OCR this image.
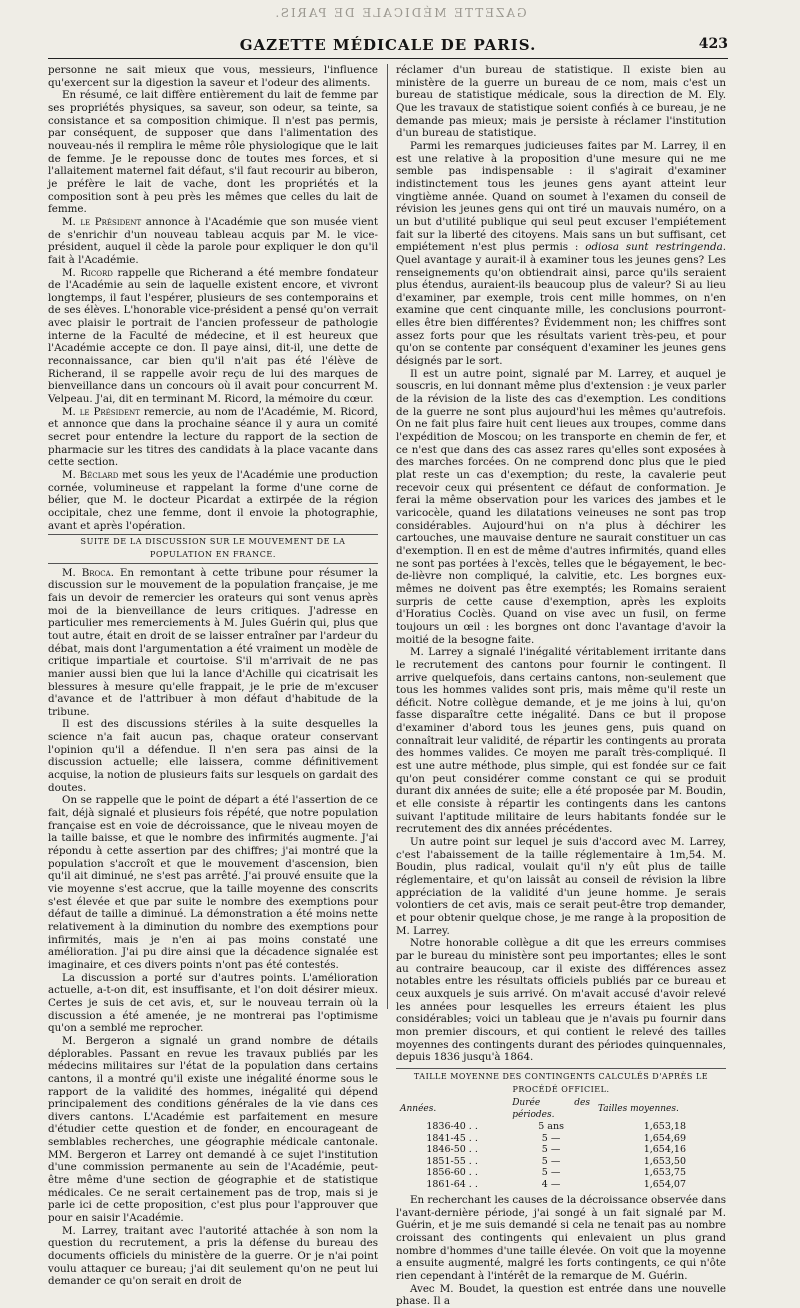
GAZETTE MÉDICALE DE PARIS.
GAZETTE MÉDICALE DE PARIS.	423

personne ne sait mieux que vous, messieurs, l'influence qu'exercent sur la digestion la saveur et l'odeur des aliments.

En résumé, ce lait diffère entièrement du lait de femme par ses propriétés physiques, sa saveur, son odeur, sa teinte, sa consistance et sa composition chimique. Il n'est pas permis, par conséquent, de supposer que dans l'alimentation des nouveau-nés il remplira le même rôle physiologique que le lait de femme. Je le repousse donc de toutes mes forces, et si l'allaitement maternel fait défaut, s'il faut recourir au biberon, je préfère le lait de vache, dont les propriétés et la composition sont à peu près les mêmes que celles du lait de femme.

M. le Président annonce à l'Académie que son musée vient de s'enrichir d'un nouveau tableau acquis par M. le vice-président, auquel il cède la parole pour expliquer le don qu'il fait à l'Académie.

M. Ricord rappelle que Richerand a été membre fondateur de l'Académie au sein de laquelle existent encore, et vivront longtemps, il faut l'espérer, plusieurs de ses contemporains et de ses élèves. L'honorable vice-président a pensé qu'on verrait avec plaisir le portrait de l'ancien professeur de pathologie interne de la Faculté de médecine, et il est heureux que l'Académie accepte ce don. Il paye ainsi, dit-il, une dette de reconnaissance, car bien qu'il n'ait pas été l'élève de Richerand, il se rappelle avoir reçu de lui des marques de bienveillance dans un concours où il avait pour concurrent M. Velpeau. J'ai, dit en terminant M. Ricord, la mémoire du cœur.

M. le Président remercie, au nom de l'Académie, M. Ricord, et annonce que dans la prochaine séance il y aura un comité secret pour entendre la lecture du rapport de la section de pharmacie sur les titres des candidats à la place vacante dans cette section.

M. Béclard met sous les yeux de l'Académie une production cornée, volumineuse et rappelant la forme d'une corne de bélier, que M. le docteur Picardat a extirpée de la région occipitale, chez une femme, dont il envoie la photographie, avant et après l'opération.

SUITE DE LA DISCUSSION SUR LE MOUVEMENT DE LA POPULATION EN FRANCE.

M. Broca. En remontant à cette tribune pour résumer la discussion sur le mouvement de la population française, je me fais un devoir de remercier les orateurs qui sont venus après moi de la bienveillance de leurs critiques. J'adresse en particulier mes remerciements à M. Jules Guérin qui, plus que tout autre, était en droit de se laisser entraîner par l'ardeur du débat, mais dont l'argumentation a été vraiment un modèle de critique impartiale et courtoise. S'il m'arrivait de ne pas manier aussi bien que lui la lance d'Achille qui cicatrisait les blessures à mesure qu'elle frappait, je le prie de m'excuser d'avance et de l'attribuer à mon défaut d'habitude de la tribune.

Il est des discussions stériles à la suite desquelles la science n'a fait aucun pas, chaque orateur conservant l'opinion qu'il a défendue. Il n'en sera pas ainsi de la discussion actuelle; elle laissera, comme définitivement acquise, la notion de plusieurs faits sur lesquels on gardait des doutes.

On se rappelle que le point de départ a été l'assertion de ce fait, déjà signalé et plusieurs fois répété, que notre population française est en voie de décroissance, que le niveau moyen de la taille baisse, et que le nombre des infirmités augmente. J'ai répondu à cette assertion par des chiffres; j'ai montré que la population s'accroît et que le mouvement d'ascension, bien qu'il ait diminué, ne s'est pas arrêté. J'ai prouvé ensuite que la vie moyenne s'est accrue, que la taille moyenne des conscrits s'est élevée et que par suite le nombre des exemptions pour défaut de taille a diminué. La démonstration a été moins nette relativement à la diminution du nombre des exemptions pour infirmités, mais je n'en ai pas moins constaté une amélioration. J'ai pu dire ainsi que la décadence signalée est imaginaire, et ces divers points n'ont pas été contestés.

La discussion a porté sur d'autres points. L'amélioration actuelle, a-t-on dit, est insuffisante, et l'on doit désirer mieux. Certes je suis de cet avis, et, sur le nouveau terrain où la discussion a été amenée, je ne montrerai pas l'optimisme qu'on a semblé me reprocher.

M. Bergeron a signalé un grand nombre de détails déplorables. Passant en revue les travaux publiés par les médecins militaires sur l'état de la population dans certains cantons, il a montré qu'il existe une inégalité énorme sous le rapport de la validité des hommes, inégalité qui dépend principalement des conditions générales de la vie dans ces divers cantons. L'Académie est parfaitement en mesure d'étudier cette question et de fonder, en encourageant de semblables recherches, une géographie médicale cantonale. MM. Bergeron et Larrey ont demandé à ce sujet l'institution d'une commission permanente au sein de l'Académie, peut-être même d'une section de géographie et de statistique médicales. Ce ne serait certainement pas de trop, mais si je parle ici de cette proposition, c'est plus pour l'approuver que pour en saisir l'Académie.

M. Larrey, traitant avec l'autorité attachée à son nom la question du recrutement, a pris la défense du bureau des documents officiels du ministère de la guerre. Or je n'ai point voulu attaquer ce bureau; j'ai dit seulement qu'on ne peut lui demander ce qu'on serait en droit de

réclamer d'un bureau de statistique. Il existe bien au ministère de la guerre un bureau de ce nom, mais c'est un bureau de statistique médicale, sous la direction de M. Ely. Que les travaux de statistique soient confiés à ce bureau, je ne demande pas mieux; mais je persiste à réclamer l'institution d'un bureau de statistique.

Parmi les remarques judicieuses faites par M. Larrey, il en est une relative à la proposition d'une mesure qui ne me semble pas indispensable : il s'agirait d'examiner indistinctement tous les jeunes gens ayant atteint leur vingtième année. Quand on soumet à l'examen du conseil de révision les jeunes gens qui ont tiré un mauvais numéro, on a un but d'utilité publique qui seul peut excuser l'empiétement fait sur la liberté des citoyens. Mais sans un but suffisant, cet empiétement n'est plus permis : odiosa sunt restringenda. Quel avantage y aurait-il à examiner tous les jeunes gens? Les renseignements qu'on obtiendrait ainsi, parce qu'ils seraient plus étendus, auraient-ils beaucoup plus de valeur? Si au lieu d'examiner, par exemple, trois cent mille hommes, on n'en examine que cent cinquante mille, les conclusions pourront-elles être bien différentes? Évidemment non; les chiffres sont assez forts pour que les résultats varient très-peu, et pour qu'on se contente par conséquent d'examiner les jeunes gens désignés par le sort.

Il est un autre point, signalé par M. Larrey, et auquel je souscris, en lui donnant même plus d'extension : je veux parler de la révision de la liste des cas d'exemption. Les conditions de la guerre ne sont plus aujourd'hui les mêmes qu'autrefois. On ne fait plus faire huit cent lieues aux troupes, comme dans l'expédition de Moscou; on les transporte en chemin de fer, et ce n'est que dans des cas assez rares qu'elles sont exposées à des marches forcées. On ne comprend donc plus que le pied plat reste un cas d'exemption; du reste, la cavalerie peut recevoir ceux qui présentent ce défaut de conformation. Je ferai la même observation pour les varices des jambes et le varicocèle, quand les dilatations veineuses ne sont pas trop considérables. Aujourd'hui on n'a plus à déchirer les cartouches, une mauvaise denture ne saurait constituer un cas d'exemption. Il en est de même d'autres infirmités, quand elles ne sont pas portées à l'excès, telles que le bégayement, le bec-de-lièvre non compliqué, la calvitie, etc. Les borgnes eux-mêmes ne doivent pas être exemptés; les Romains seraient surpris de cette cause d'exemption, après les exploits d'Horatius Coclès. Quand on vise avec un fusil, on ferme toujours un œil : les borgnes ont donc l'avantage d'avoir la moitié de la besogne faite.

M. Larrey a signalé l'inégalité véritablement irritante dans le recrutement des cantons pour fournir le contingent. Il arrive quelquefois, dans certains cantons, non-seulement que tous les hommes valides sont pris, mais même qu'il reste un déficit. Notre collègue demande, et je me joins à lui, qu'on fasse disparaître cette inégalité. Dans ce but il propose d'examiner d'abord tous les jeunes gens, puis quand on connaîtrait leur validité, de répartir les contingents au prorata des hommes valides. Ce moyen me paraît très-compliqué. Il est une autre méthode, plus simple, qui est fondée sur ce fait qu'on peut considérer comme constant ce qui se produit durant dix années de suite; elle a été proposée par M. Boudin, et elle consiste à répartir les contingents dans les cantons suivant l'aptitude militaire de leurs habitants fondée sur le recrutement des dix années précédentes.

Un autre point sur lequel je suis d'accord avec M. Larrey, c'est l'abaissement de la taille réglementaire à 1m,54. M. Boudin, plus radical, voulait qu'il n'y eût plus de taille réglementaire, et qu'on laissât au conseil de révision la libre appréciation de la validité d'un jeune homme. Je serais volontiers de cet avis, mais ce serait peut-être trop demander, et pour obtenir quelque chose, je me range à la proposition de M. Larrey.

Notre honorable collègue a dit que les erreurs commises par le bureau du ministère sont peu importantes; elles le sont au contraire beaucoup, car il existe des différences assez notables entre les résultats officiels publiés par ce bureau et ceux auxquels je suis arrivé. On m'avait accusé d'avoir relevé les années pour lesquelles les erreurs étaient les plus considérables; voici un tableau que je n'avais pu fournir dans mon premier discours, et qui contient le relevé des tailles moyennes des contingents durant des périodes quinquennales, depuis 1836 jusqu'à 1864.

TAILLE MOYENNE DES CONTINGENTS CALCULÉS D'APRÈS LE PROCÉDÉ OFFICIEL.

Années.	Durée des périodes.	Tailles moyennes.
1836-40 . .	5 ans	1,653,18
1841-45 . .	5 —	1,654,69
1846-50 . .	5 —	1,654,16
1851-55 . .	5 —	1,653,50
1856-60 . .	5 —	1,653,75
1861-64 . .	4 —	1,654,07

En recherchant les causes de la décroissance observée dans l'avant-dernière période, j'ai songé à un fait signalé par M. Guérin, et je me suis demandé si cela ne tenait pas au nombre croissant des contingents qui enlevaient un plus grand nombre d'hommes d'une taille élevée. On voit que la moyenne a ensuite augmenté, malgré les forts contingents, ce qui n'ôte rien cependant à l'intérêt de la remarque de M. Guérin.

Avec M. Boudet, la question est entrée dans une nouvelle phase. Il a
